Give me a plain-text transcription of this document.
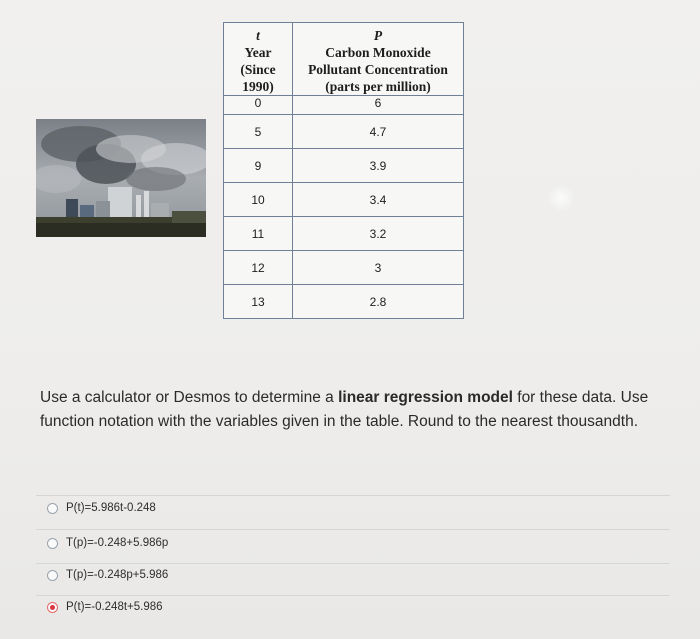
t
Year
(Since
1990)	P
Carbon Monoxide
Pollutant Concentration
(parts per million)

0	6
5	4.7
9	3.9
10	3.4
11	3.2
12	3
13	2.8
Use a calculator or Desmos to determine a linear regression model for these data. Use function notation with the variables given in the table. Round to the nearest thousandth.
P(t)=5.986t-0.248
T(p)=-0.248+5.986p
T(p)=-0.248p+5.986
P(t)=-0.248t+5.986
